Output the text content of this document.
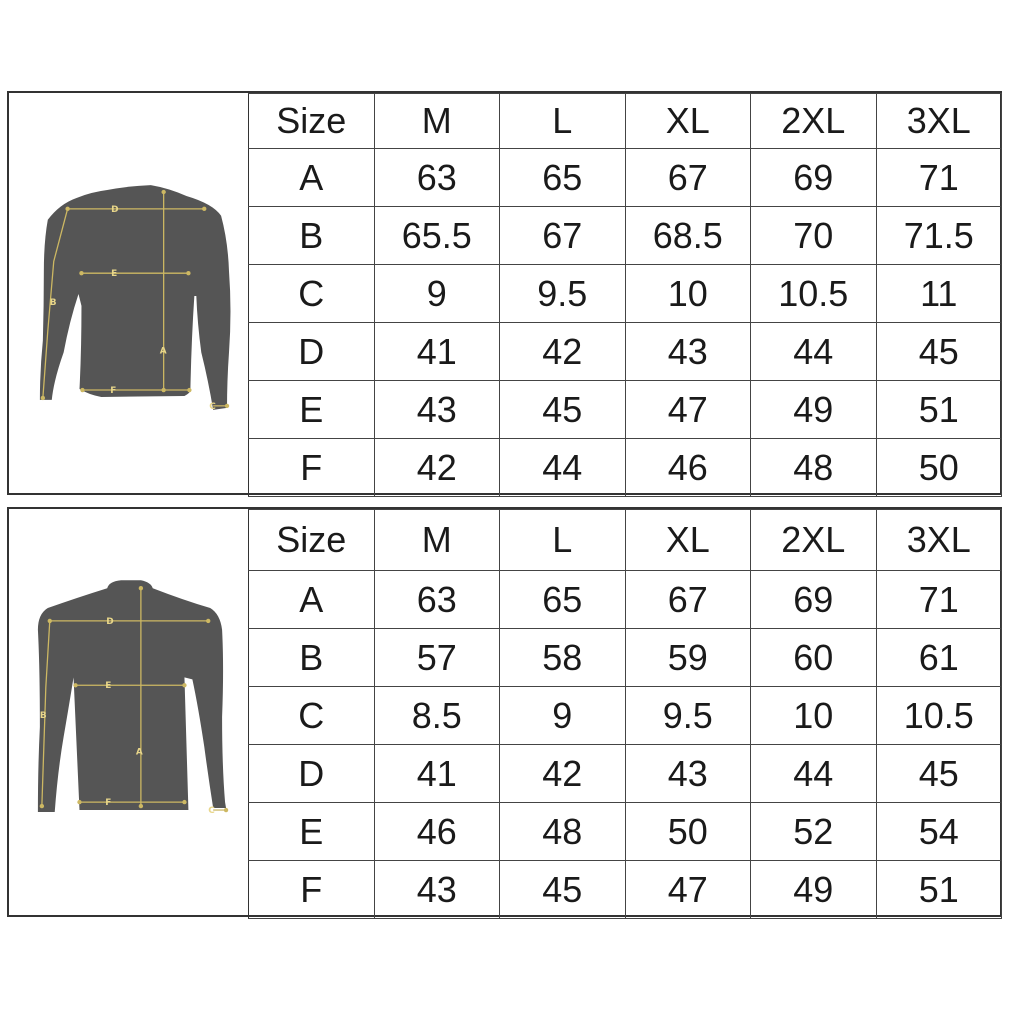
D
E
B
A
F
C
Size	M	L	XL	2XL	3XL
A	63	65	67	69	71
B	65.5	67	68.5	70	71.5
C	9	9.5	10	10.5	11
D	41	42	43	44	45
E	43	45	47	49	51
F	42	44	46	48	50
D
E
B
A
F
C
Size	M	L	XL	2XL	3XL
A	63	65	67	69	71
B	57	58	59	60	61
C	8.5	9	9.5	10	10.5
D	41	42	43	44	45
E	46	48	50	52	54
F	43	45	47	49	51
